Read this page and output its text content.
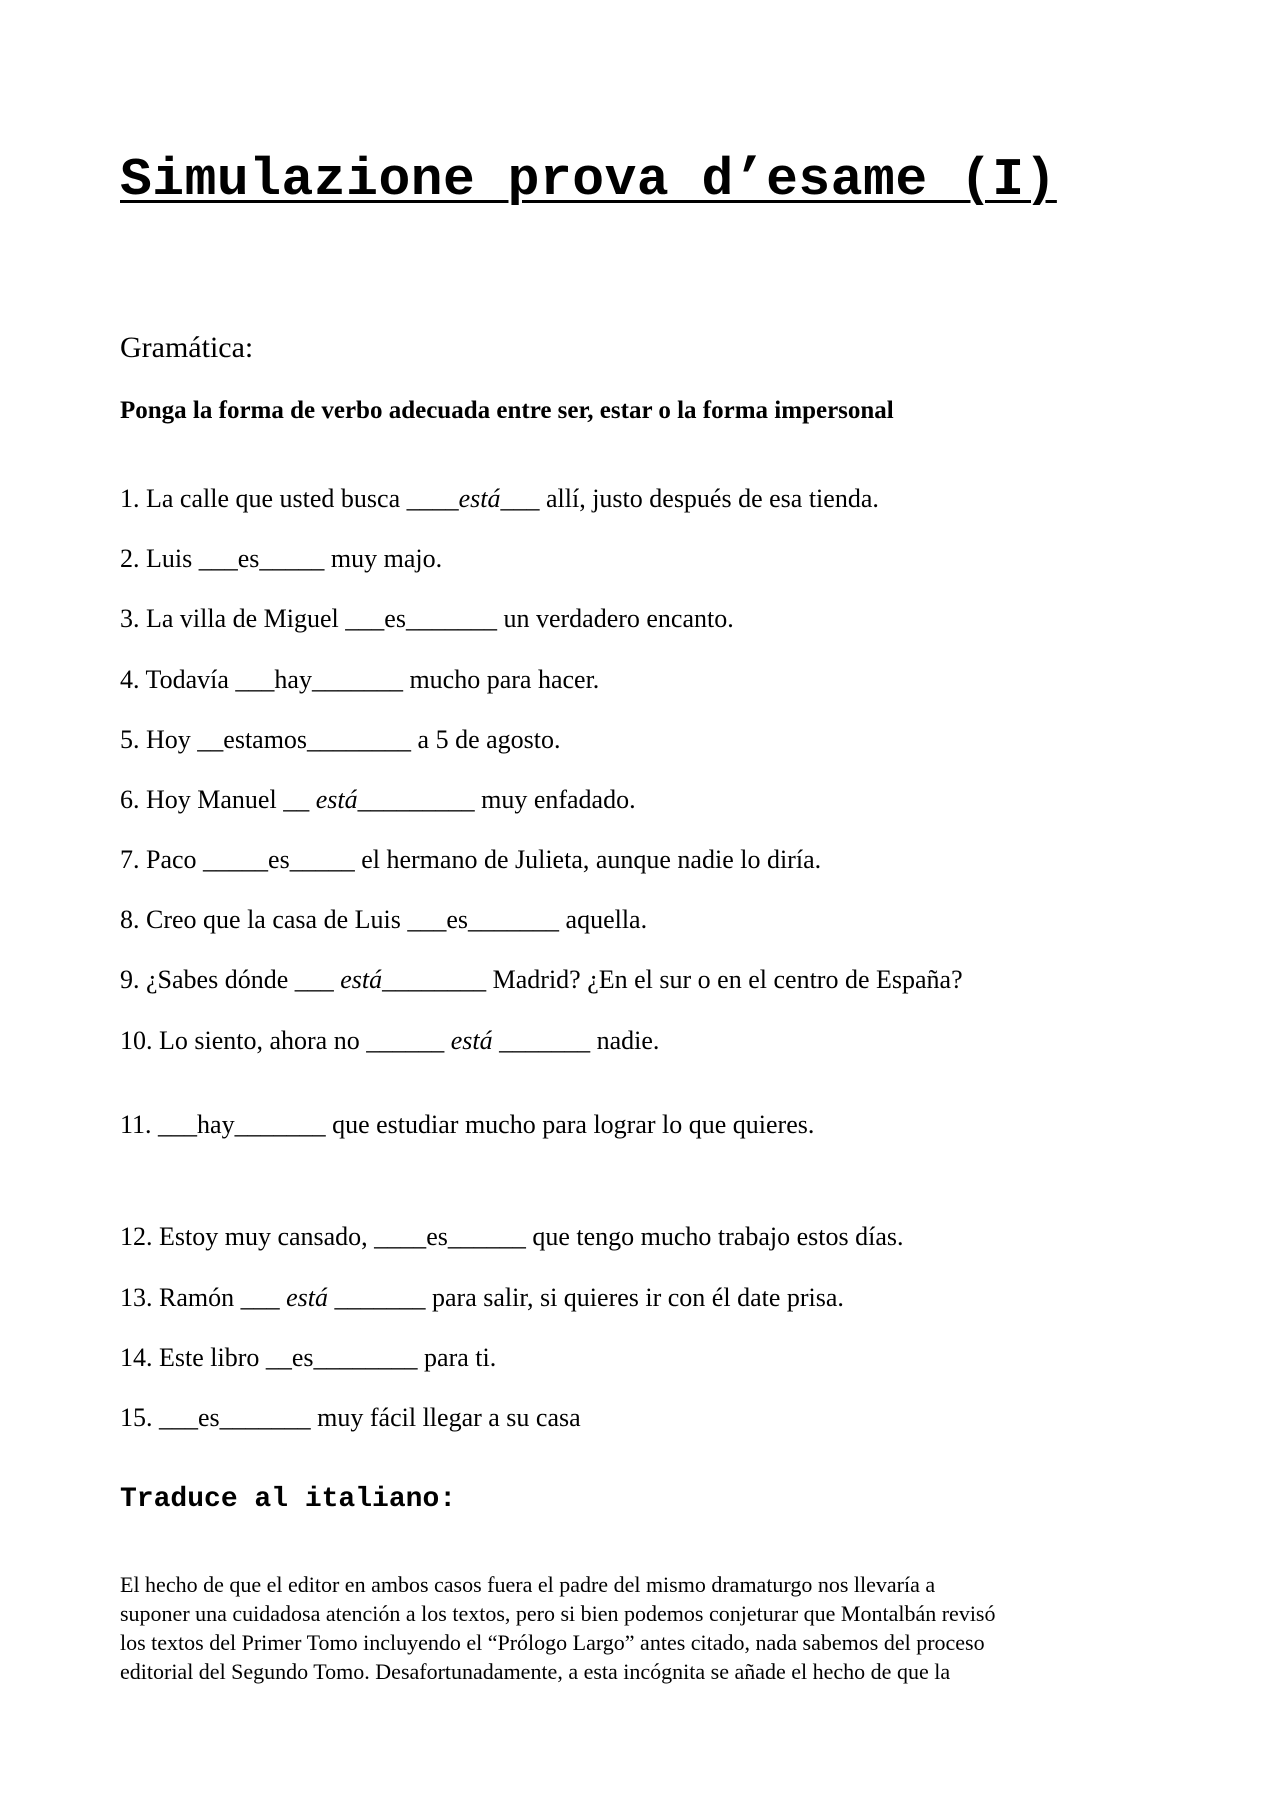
Simulazione prova d’esame (I)
Gramática:

Ponga la forma de verbo adecuada entre ser, estar o la forma impersonal

1. La calle que usted busca ____está___ allí, justo después de esa tienda.
2. Luis ___es_____ muy majo.
3. La villa de Miguel ___es_______ un verdadero encanto.
4. Todavía ___hay_______ mucho para hacer.
5. Hoy __estamos________ a 5 de agosto.
6. Hoy Manuel __ está_________ muy enfadado.
7. Paco _____es_____ el hermano de Julieta, aunque nadie lo diría.
8. Creo que la casa de Luis ___es_______ aquella.
9. ¿Sabes dónde ___ está________ Madrid? ¿En el sur o en el centro de España?
10. Lo siento, ahora no ______ está _______ nadie.
11. ___hay_______ que estudiar mucho para lograr lo que quieres.
12. Estoy muy cansado, ____es______ que tengo mucho trabajo estos días.
13. Ramón ___ está _______ para salir, si quieres ir con él date prisa.
14. Este libro __es________ para ti.
15. ___es_______ muy fácil llegar a su casa
Traduce al italiano:

El hecho de que el editor en ambos casos fuera el padre del mismo dramaturgo nos llevaría a
suponer una cuidadosa atención a los textos, pero si bien podemos conjeturar que Montalbán revisó
los textos del Primer Tomo incluyendo el “Prólogo Largo” antes citado, nada sabemos del proceso
editorial del Segundo Tomo. Desafortunadamente, a esta incógnita se añade el hecho de que la
